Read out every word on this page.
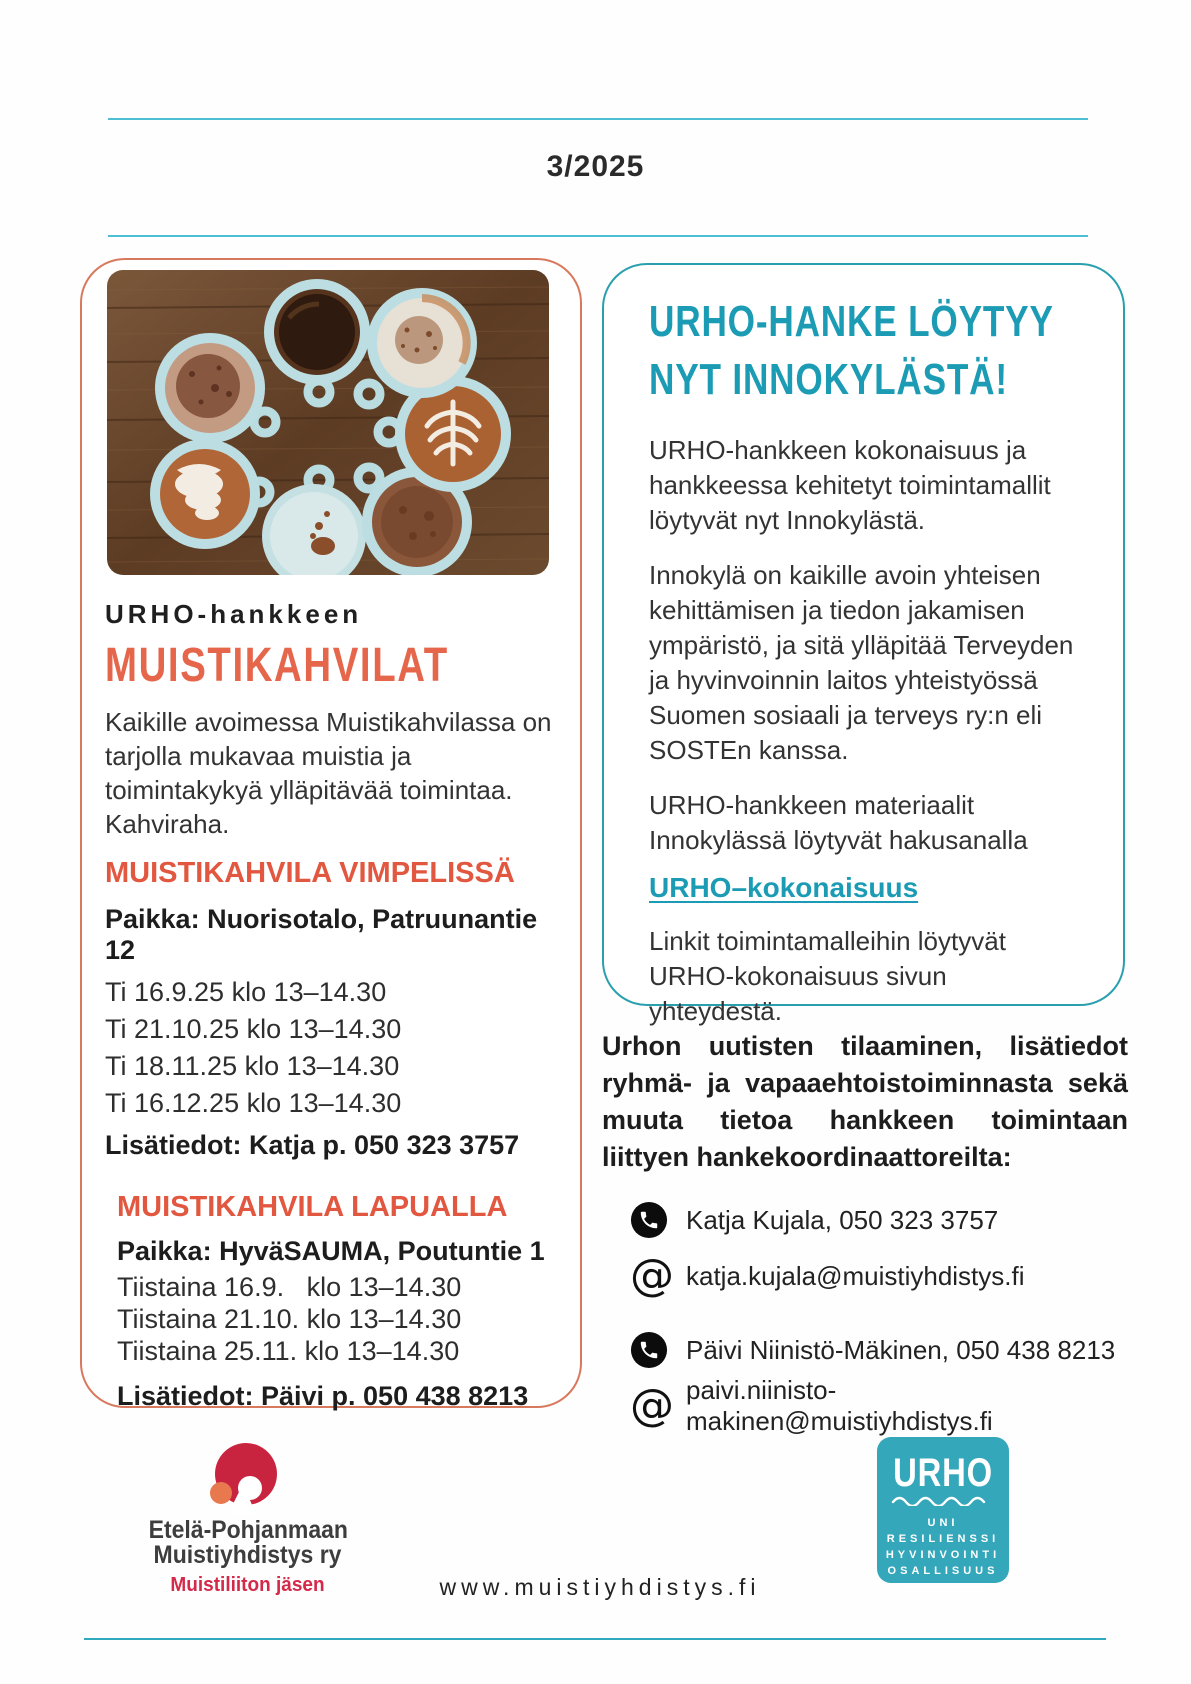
3/2025
URHO-hankkeen
MUISTIKAHVILAT
Kaikille avoimessa Muistikahvilassa on tarjolla mukavaa muistia ja toimintakykyä ylläpitävää toimintaa. Kahviraha.
MUISTIKAHVILA VIMPELISSÄ
Paikka: Nuorisotalo, Patruunantie 12
Ti 16.9.25 klo 13–14.30
Ti 21.10.25 klo 13–14.30
Ti 18.11.25 klo 13–14.30
Ti 16.12.25 klo 13–14.30
Lisätiedot: Katja p. 050 323 3757
MUISTIKAHVILA LAPUALLA
Paikka: HyväSAUMA, Poutuntie 1
Tiistaina 16.9.   klo 13–14.30
Tiistaina 21.10. klo 13–14.30
Tiistaina 25.11. klo 13–14.30
Lisätiedot: Päivi p. 050 438 8213
URHO-HANKE LÖYTYY
NYT INNOKYLÄSTÄ!
URHO-hankkeen kokonaisuus ja hankkeessa kehitetyt toimintamallit löytyvät nyt Innokylästä.
Innokylä on kaikille avoin yhteisen kehittämisen ja tiedon jakamisen ympäristö, ja sitä ylläpitää Terveyden ja hyvinvoinnin laitos yhteistyössä Suomen sosiaali ja terveys ry:n eli SOSTEn kanssa.
URHO-hankkeen materiaalit Innokylässä löytyvät hakusanalla
URHO–kokonaisuus
Linkit toimintamalleihin löytyvät URHO-kokonaisuus sivun yhteydestä.
Urhon uutisten tilaaminen, lisätiedot ryhmä- ja vapaaehtoistoiminnasta sekä muuta tietoa hankkeen toimintaan liittyen hankekoordinaattoreilta:
Katja Kujala, 050 323 3757
@ katja.kujala@muistiyhdistys.fi
Päivi Niinistö-Mäkinen, 050 438 8213
@ paivi.niinisto-makinen@muistiyhdistys.fi
Etelä-Pohjanmaan
Muistiyhdistys ry
Muistiliiton jäsen	www.muistiyhdistys.fi
URHO
UNI
RESILIENSSI
HYVINVOINTI
OSALLISUUS
